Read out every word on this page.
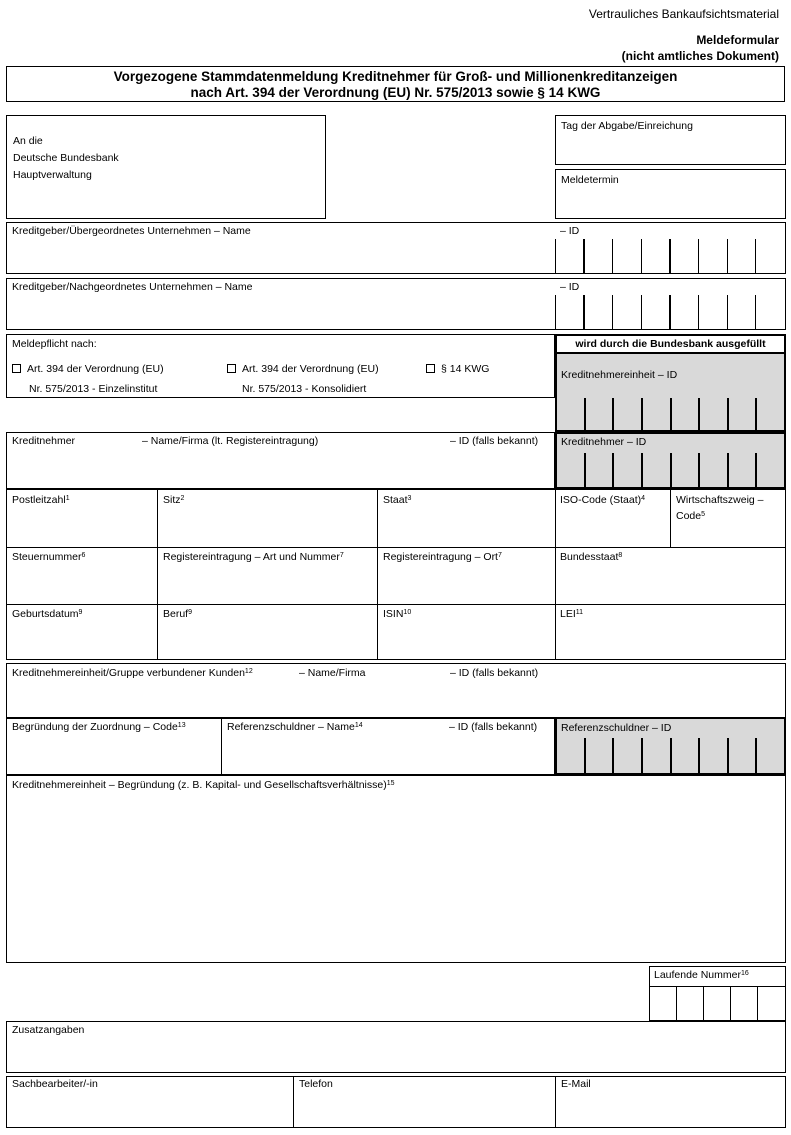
Vertrauliches Bankaufsichtsmaterial
Meldeformular
(nicht amtliches Dokument)
Vorgezogene Stammdatenmeldung Kreditnehmer für Groß- und Millionenkreditanzeigen
nach Art. 394 der Verordnung (EU) Nr. 575/2013 sowie § 14 KWG
An die
Deutsche Bundesbank
Hauptverwaltung
Tag der Abgabe/Einreichung
Meldetermin
Kreditgeber/Übergeordnetes Unternehmen – Name	– ID
Kreditgeber/Nachgeordnetes Unternehmen – Name	– ID
Meldepflicht nach:
Art. 394 der Verordnung (EU)
Nr. 575/2013 - Einzelinstitut
Art. 394 der Verordnung (EU)
Nr. 575/2013 - Konsolidiert
§ 14 KWG
wird durch die Bundesbank ausgefüllt
Kreditnehmereinheit – ID
Kreditnehmer	– Name/Firma (lt. Registereintragung)	– ID (falls bekannt) Kreditnehmer – ID
Postleitzahl$^1$	Sitz$^2$	Staat$^3$	ISO-Code (Staat)$^4$	Wirtschaftszweig –
Code$^5$
Steuernummer$^6$	Registereintragung – Art und Nummer$^7$	Registereintragung – Ort$^7$	Bundesstaat$^8$
Geburtsdatum$^9$	Beruf$^9$	ISIN$^{10}$	LEI$^{11}$
Kreditnehmereinheit/Gruppe verbundener Kunden$^{12}$	– Name/Firma	– ID (falls bekannt)
Begründung der Zuordnung – Code$^{13}$	Referenzschuldner – Name$^{14}$	– ID (falls bekannt) Referenzschuldner – ID
Kreditnehmereinheit – Begründung (z. B. Kapital- und Gesellschaftsverhältnisse)$^{15}$
Laufende Nummer$^{16}$
Zusatzangaben
Sachbearbeiter/-in	Telefon	E-Mail
